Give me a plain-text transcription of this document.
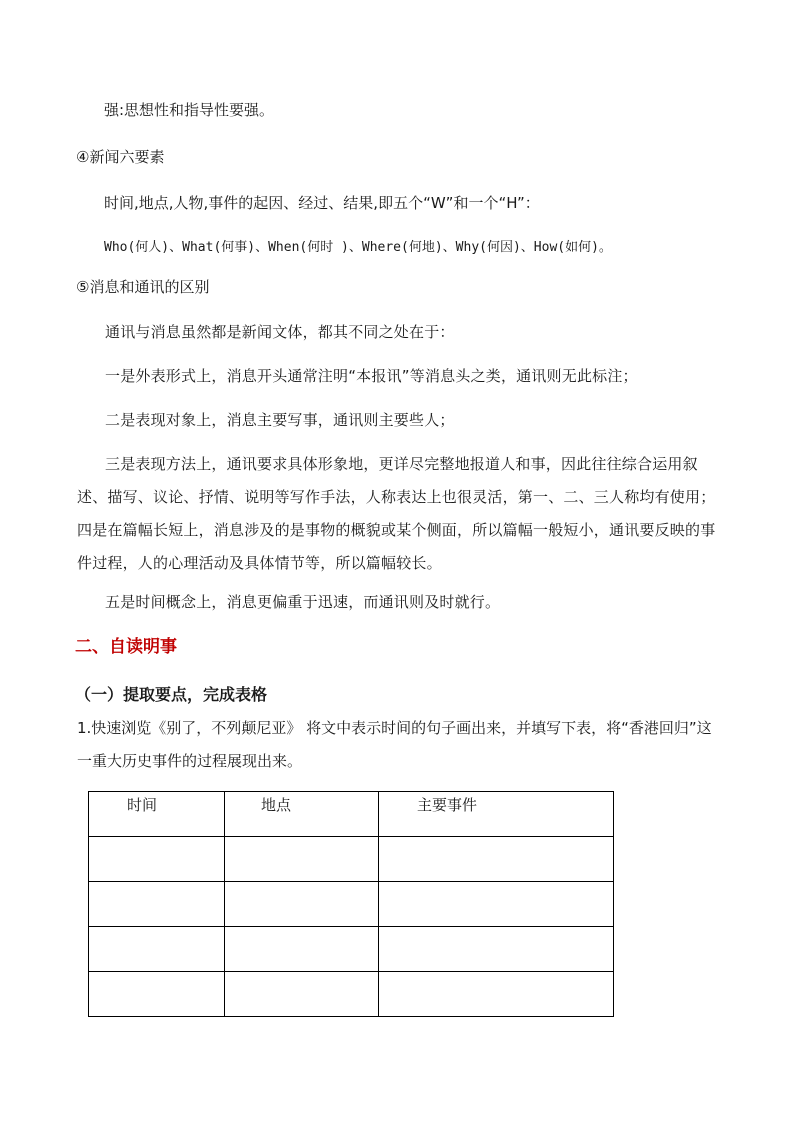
强:思想性和指导性要强。
④新闻六要素
时间,地点,人物,事件的起因、经过、结果,即五个“W”和一个“H”：
Who(何人)、What(何事)、When(何时 )、Where(何地)、Why(何因)、How(如何)。
⑤消息和通讯的区别
通讯与消息虽然都是新闻文体，都其不同之处在于：
一是外表形式上，消息开头通常注明“本报讯”等消息头之类，通讯则无此标注；
二是表现对象上，消息主要写事，通讯则主要些人；
三是表现方法上，通讯要求具体形象地，更详尽完整地报道人和事，因此往往综合运用叙述、描写、议论、抒情、说明等写作手法，人称表达上也很灵活，第一、二、三人称均有使用；四是在篇幅长短上，消息涉及的是事物的概貌或某个侧面，所以篇幅一般短小，通讯要反映的事件过程，人的心理活动及具体情节等，所以篇幅较长。
五是时间概念上，消息更偏重于迅速，而通讯则及时就行。
二、自读明事
（一）提取要点，完成表格
1.快速浏览《别了，不列颠尼亚》 将文中表示时间的句子画出来，并填写下表，将“香港回归”这一重大历史事件的过程展现出来。
时间	地点	主要事件
